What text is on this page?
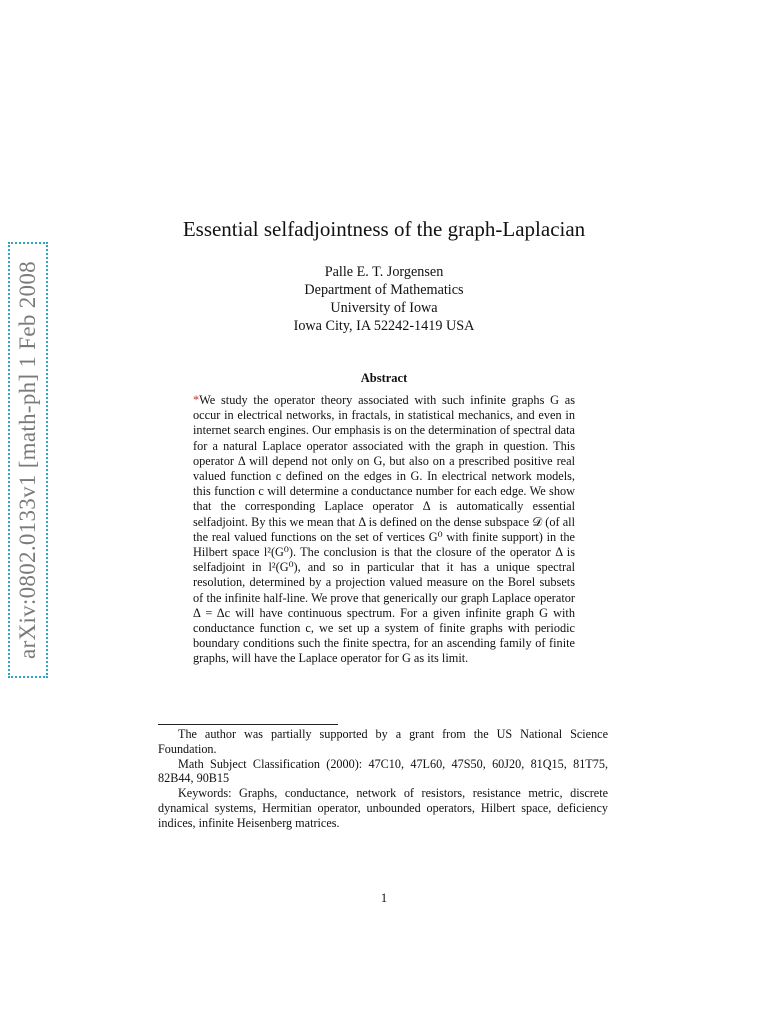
arXiv:0802.0133v1 [math-ph] 1 Feb 2008
Essential selfadjointness of the graph-Laplacian
Palle E. T. Jorgensen
Department of Mathematics
University of Iowa
Iowa City, IA 52242-1419 USA
Abstract
*We study the operator theory associated with such infinite graphs G as occur in electrical networks, in fractals, in statistical mechanics, and even in internet search engines. Our emphasis is on the determination of spectral data for a natural Laplace operator associated with the graph in question. This operator Δ will depend not only on G, but also on a prescribed positive real valued function c defined on the edges in G. In electrical network models, this function c will determine a conductance number for each edge. We show that the corresponding Laplace operator Δ is automatically essential selfadjoint. By this we mean that Δ is defined on the dense subspace 𝒟 (of all the real valued functions on the set of vertices G⁰ with finite support) in the Hilbert space l²(G⁰). The conclusion is that the closure of the operator Δ is selfadjoint in l²(G⁰), and so in particular that it has a unique spectral resolution, determined by a projection valued measure on the Borel subsets of the infinite half-line. We prove that generically our graph Laplace operator Δ = Δc will have continuous spectrum. For a given infinite graph G with conductance function c, we set up a system of finite graphs with periodic boundary conditions such the finite spectra, for an ascending family of finite graphs, will have the Laplace operator for G as its limit.

The author was partially supported by a grant from the US National Science Foundation.

Math Subject Classification (2000): 47C10, 47L60, 47S50, 60J20, 81Q15, 81T75, 82B44, 90B15

Keywords: Graphs, conductance, network of resistors, resistance metric, discrete dynamical systems, Hermitian operator, unbounded operators, Hilbert space, deficiency indices, infinite Heisenberg matrices.

1
